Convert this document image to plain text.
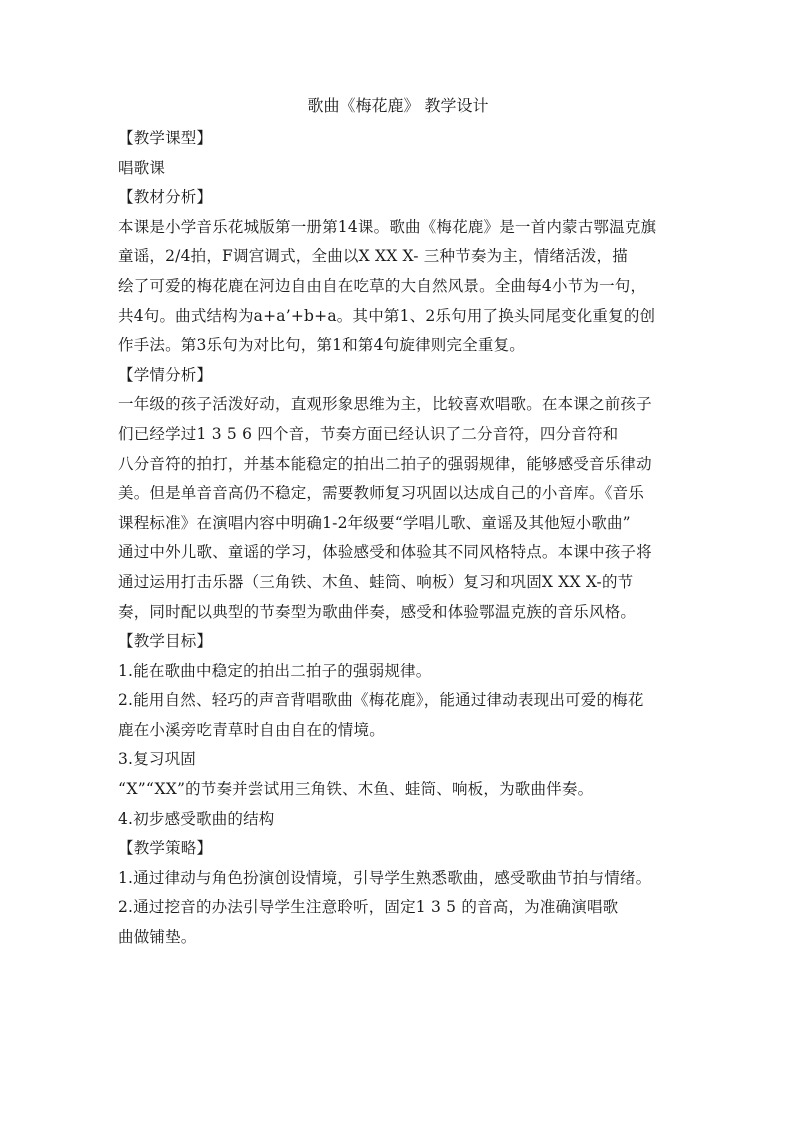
歌曲《梅花鹿》 教学设计
【教学课型】
唱歌课
【教材分析】
本课是小学音乐花城版第一册第14课。歌曲《梅花鹿》是一首内蒙古鄂温克旗
童谣，2/4拍，F调宫调式，全曲以X XX X- 三种节奏为主，情绪活泼，描
绘了可爱的梅花鹿在河边自由自在吃草的大自然风景。全曲每4小节为一句，
共4句。曲式结构为a+a’+b+a。其中第1、2乐句用了换头同尾变化重复的创
作手法。第3乐句为对比句，第1和第4句旋律则完全重复。
【学情分析】
一年级的孩子活泼好动，直观形象思维为主，比较喜欢唱歌。在本课之前孩子
们已经学过1 3 5 6 四个音，节奏方面已经认识了二分音符，四分音符和
八分音符的拍打，并基本能稳定的拍出二拍子的强弱规律，能够感受音乐律动
美。但是单音音高仍不稳定，需要教师复习巩固以达成自己的小音库。《音乐
课程标准》在演唱内容中明确1-2年级要“学唱儿歌、童谣及其他短小歌曲”
通过中外儿歌、童谣的学习，体验感受和体验其不同风格特点。本课中孩子将
通过运用打击乐器（三角铁、木鱼、蛙筒、响板）复习和巩固X XX X-的节
奏，同时配以典型的节奏型为歌曲伴奏，感受和体验鄂温克族的音乐风格。
【教学目标】
1.能在歌曲中稳定的拍出二拍子的强弱规律。
2.能用自然、轻巧的声音背唱歌曲《梅花鹿》，能通过律动表现出可爱的梅花
鹿在小溪旁吃青草时自由自在的情境。
3.复习巩固
“X”“XX”的节奏并尝试用三角铁、木鱼、蛙筒、响板，为歌曲伴奏。
4.初步感受歌曲的结构
【教学策略】
1.通过律动与角色扮演创设情境，引导学生熟悉歌曲，感受歌曲节拍与情绪。
2.通过挖音的办法引导学生注意聆听，固定1 3 5 的音高，为准确演唱歌
曲做铺垫。
